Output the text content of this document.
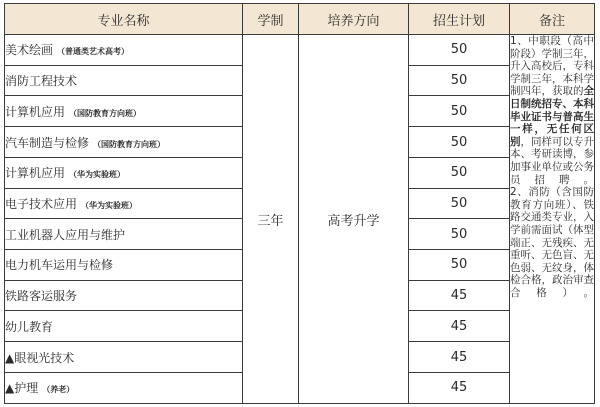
专业名称	学制	培养方向	招生计划	备注
美术绘画 （普通类艺术高考）	三年	高考升学	50	1、中职段（高中阶段）学制三年，升入高校后，专科学制三年，本科学制四年，获取的全日制统招专、本科毕业证书与普高生一样，无任何区别，同样可以专升本、考研读博，参加事业单位或公务员招聘。
2、消防（含国防教育方向班）、铁路交通类专业，入学前需面试（体型端正、无残疾、无重听、无色盲、无色弱、无纹身，体检合格，政治审查合格）。

消防工程技术			50	
计算机应用 （国防教育方向班）			50	
汽车制造与检修 （国防教育方向班）			50	
计算机应用 （华为实验班）			50	
电子技术应用 （华为实验班）			50	
工业机器人应用与维护			50	
电力机车运用与检修			50	
铁路客运服务			45	
幼儿教育			45	
▲眼视光技术			45	
▲护理 （养老）			45	
